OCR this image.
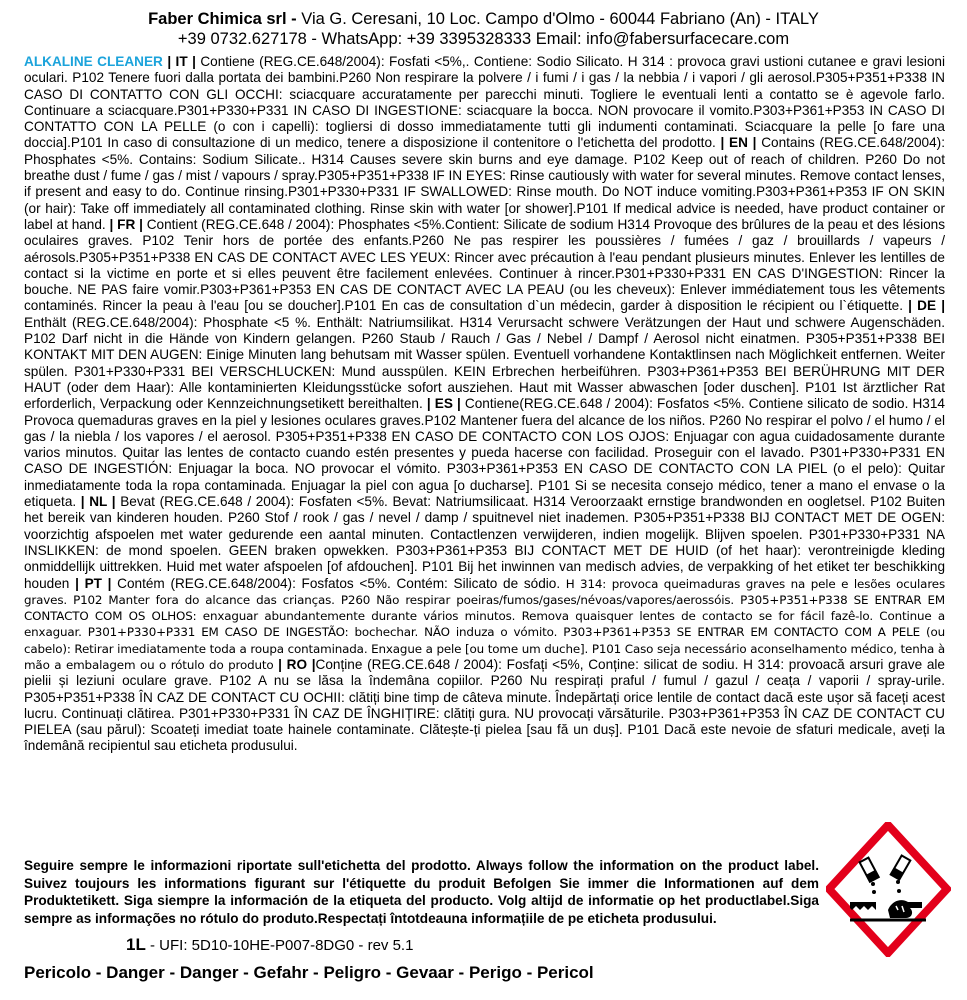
Faber Chimica srl - Via G. Ceresani, 10 Loc. Campo d'Olmo - 60044 Fabriano (An) - ITALY
+39 0732.627178 - WhatsApp: +39 3395328333 Email: info@fabersurfacecare.com
ALKALINE CLEANER | IT | Contiene (REG.CE.648/2004): Fosfati <5%,. Contiene: Sodio Silicato. H 314 : provoca gravi ustioni cutanee e gravi lesioni oculari. P102 Tenere fuori dalla portata dei bambini.P260 Non respirare la polvere / i fumi / i gas / la nebbia / i vapori / gli aerosol.P305+P351+P338 IN CASO DI CONTATTO CON GLI OCCHI: sciacquare accuratamente per parecchi minuti. Togliere le eventuali lenti a contatto se è agevole farlo. Continuare a sciacquare.P301+P330+P331 IN CASO DI INGESTIONE: sciacquare la bocca. NON provocare il vomito.P303+P361+P353 IN CASO DI CONTATTO CON LA PELLE (o con i capelli): togliersi di dosso immediatamente tutti gli indumenti contaminati. Sciacquare la pelle [o fare una doccia].P101 In caso di consultazione di un medico, tenere a disposizione il contenitore o l'etichetta del prodotto. | EN | Contains (REG.CE.648/2004): Phosphates <5%. Contains: Sodium Silicate.. H314 Causes severe skin burns and eye damage. P102 Keep out of reach of children. P260 Do not breathe dust / fume / gas / mist / vapours / spray.P305+P351+P338 IF IN EYES: Rinse cautiously with water for several minutes. Remove contact lenses, if present and easy to do. Continue rinsing.P301+P330+P331 IF SWALLOWED: Rinse mouth. Do NOT induce vomiting.P303+P361+P353 IF ON SKIN (or hair): Take off immediately all contaminated clothing. Rinse skin with water [or shower].P101 If medical advice is needed, have product container or label at hand. | FR | Contient (REG.CE.648 / 2004): Phosphates <5%.Contient: Silicate de sodium H314 Provoque des brûlures de la peau et des lésions oculaires graves. P102 Tenir hors de portée des enfants.P260 Ne pas respirer les poussières / fumées / gaz / brouillards / vapeurs / aérosols.P305+P351+P338 EN CAS DE CONTACT AVEC LES YEUX: Rincer avec précaution à l'eau pendant plusieurs minutes. Enlever les lentilles de contact si la victime en porte et si elles peuvent être facilement enlevées. Continuer à rincer.P301+P330+P331 EN CAS D'INGESTION: Rincer la bouche. NE PAS faire vomir.P303+P361+P353 EN CAS DE CONTACT AVEC LA PEAU (ou les cheveux): Enlever immédiatement tous les vêtements contaminés. Rincer la peau à l'eau [ou se doucher].P101 En cas de consultation d`un médecin, garder à disposition le récipient ou l`étiquette. | DE | Enthält (REG.CE.648/2004): Phosphate <5 %. Enthält: Natriumsilikat. H314 Verursacht schwere Verätzungen der Haut und schwere Augenschäden. P102 Darf nicht in die Hände von Kindern gelangen. P260 Staub / Rauch / Gas / Nebel / Dampf / Aerosol nicht einatmen. P305+P351+P338 BEI KONTAKT MIT DEN AUGEN: Einige Minuten lang behutsam mit Wasser spülen. Eventuell vorhandene Kontaktlinsen nach Möglichkeit entfernen. Weiter spülen. P301+P330+P331 BEI VERSCHLUCKEN: Mund ausspülen. KEIN Erbrechen herbeiführen. P303+P361+P353 BEI BERÜHRUNG MIT DER HAUT (oder dem Haar): Alle kontaminierten Kleidungsstücke sofort ausziehen. Haut mit Wasser abwaschen [oder duschen]. P101 Ist ärztlicher Rat erforderlich, Verpackung oder Kennzeichnungsetikett bereithalten. | ES | Contiene(REG.CE.648 / 2004): Fosfatos <5%. Contiene silicato de sodio. H314 Provoca quemaduras graves en la piel y lesiones oculares graves.P102 Mantener fuera del alcance de los niños. P260 No respirar el polvo / el humo / el gas / la niebla / los vapores / el aerosol. P305+P351+P338 EN CASO DE CONTACTO CON LOS OJOS: Enjuagar con agua cuidadosamente durante varios minutos. Quitar las lentes de contacto cuando estén presentes y pueda hacerse con facilidad. Proseguir con el lavado. P301+P330+P331 EN CASO DE INGESTIÓN: Enjuagar la boca. NO provocar el vómito. P303+P361+P353 EN CASO DE CONTACTO CON LA PIEL (o el pelo): Quitar inmediatamente toda la ropa contaminada. Enjuagar la piel con agua [o ducharse]. P101 Si se necesita consejo médico, tener a mano el envase o la etiqueta. | NL | Bevat (REG.CE.648 / 2004): Fosfaten <5%. Bevat: Natriumsilicaat. H314 Veroorzaakt ernstige brandwonden en oogletsel. P102 Buiten het bereik van kinderen houden. P260 Stof / rook / gas / nevel / damp / spuitnevel niet inademen. P305+P351+P338 BIJ CONTACT MET DE OGEN: voorzichtig afspoelen met water gedurende een aantal minuten. Contactlenzen verwijderen, indien mogelijk. Blijven spoelen. P301+P330+P331 NA INSLIKKEN: de mond spoelen. GEEN braken opwekken. P303+P361+P353 BIJ CONTACT MET DE HUID (of het haar): verontreinigde kleding onmiddellijk uittrekken. Huid met water afspoelen [of afdouchen]. P101 Bij het inwinnen van medisch advies, de verpakking of het etiket ter beschikking houden | PT | Contém (REG.CE.648/2004): Fosfatos <5%. Contém: Silicato de sódio. H 314: provoca queimaduras graves na pele e lesões oculares graves. P102 Manter fora do alcance das crianças. P260 Não respirar poeiras/fumos/gases/névoas/vapores/aerossóis. P305+P351+P338 SE ENTRAR EM CONTACTO COM OS OLHOS: enxaguar abundantemente durante vários minutos. Remova quaisquer lentes de contacto se for fácil fazê-lo. Continue a enxaguar. P301+P330+P331 EM CASO DE INGESTÃO: bochechar. NÃO induza o vómito. P303+P361+P353 SE ENTRAR EM CONTACTO COM A PELE (ou cabelo): Retirar imediatamente toda a roupa contaminada. Enxague a pele [ou tome um duche]. P101 Caso seja necessário aconselhamento médico, tenha à mão a embalagem ou o rótulo do produto | RO |Conține (REG.CE.648 / 2004): Fosfați <5%, Conține: silicat de sodiu. H 314: provoacă arsuri grave ale pielii și leziuni oculare grave. P102 A nu se lăsa la îndemâna copiilor. P260 Nu respirați praful / fumul / gazul / ceața / vaporii / spray-urile. P305+P351+P338 ÎN CAZ DE CONTACT CU OCHII: clătiți bine timp de câteva minute. Îndepărtați orice lentile de contact dacă este ușor să faceți acest lucru. Continuați clătirea. P301+P330+P331 ÎN CAZ DE ÎNGHIȚIRE: clătiți gura. NU provocați vărsăturile. P303+P361+P353 ÎN CAZ DE CONTACT CU PIELEA (sau părul): Scoateți imediat toate hainele contaminate. Clătește-ți pielea [sau fă un duș]. P101 Dacă este nevoie de sfaturi medicale, aveți la îndemână recipientul sau eticheta produsului.
Seguire sempre le informazioni riportate sull'etichetta del prodotto. Always follow the information on the product label. Suivez toujours les informations figurant sur l'étiquette du produit Befolgen Sie immer die Informationen auf dem Produktetikett. Siga siempre la información de la etiqueta del producto. Volg altijd de informatie op het productlabel.Siga sempre as informações no rótulo do produto.Respectați întotdeauna informațiile de pe eticheta produsului.
1L - UFI: 5D10-10HE-P007-8DG0 - rev 5.1
Pericolo - Danger - Danger - Gefahr - Peligro - Gevaar - Perigo - Pericol
